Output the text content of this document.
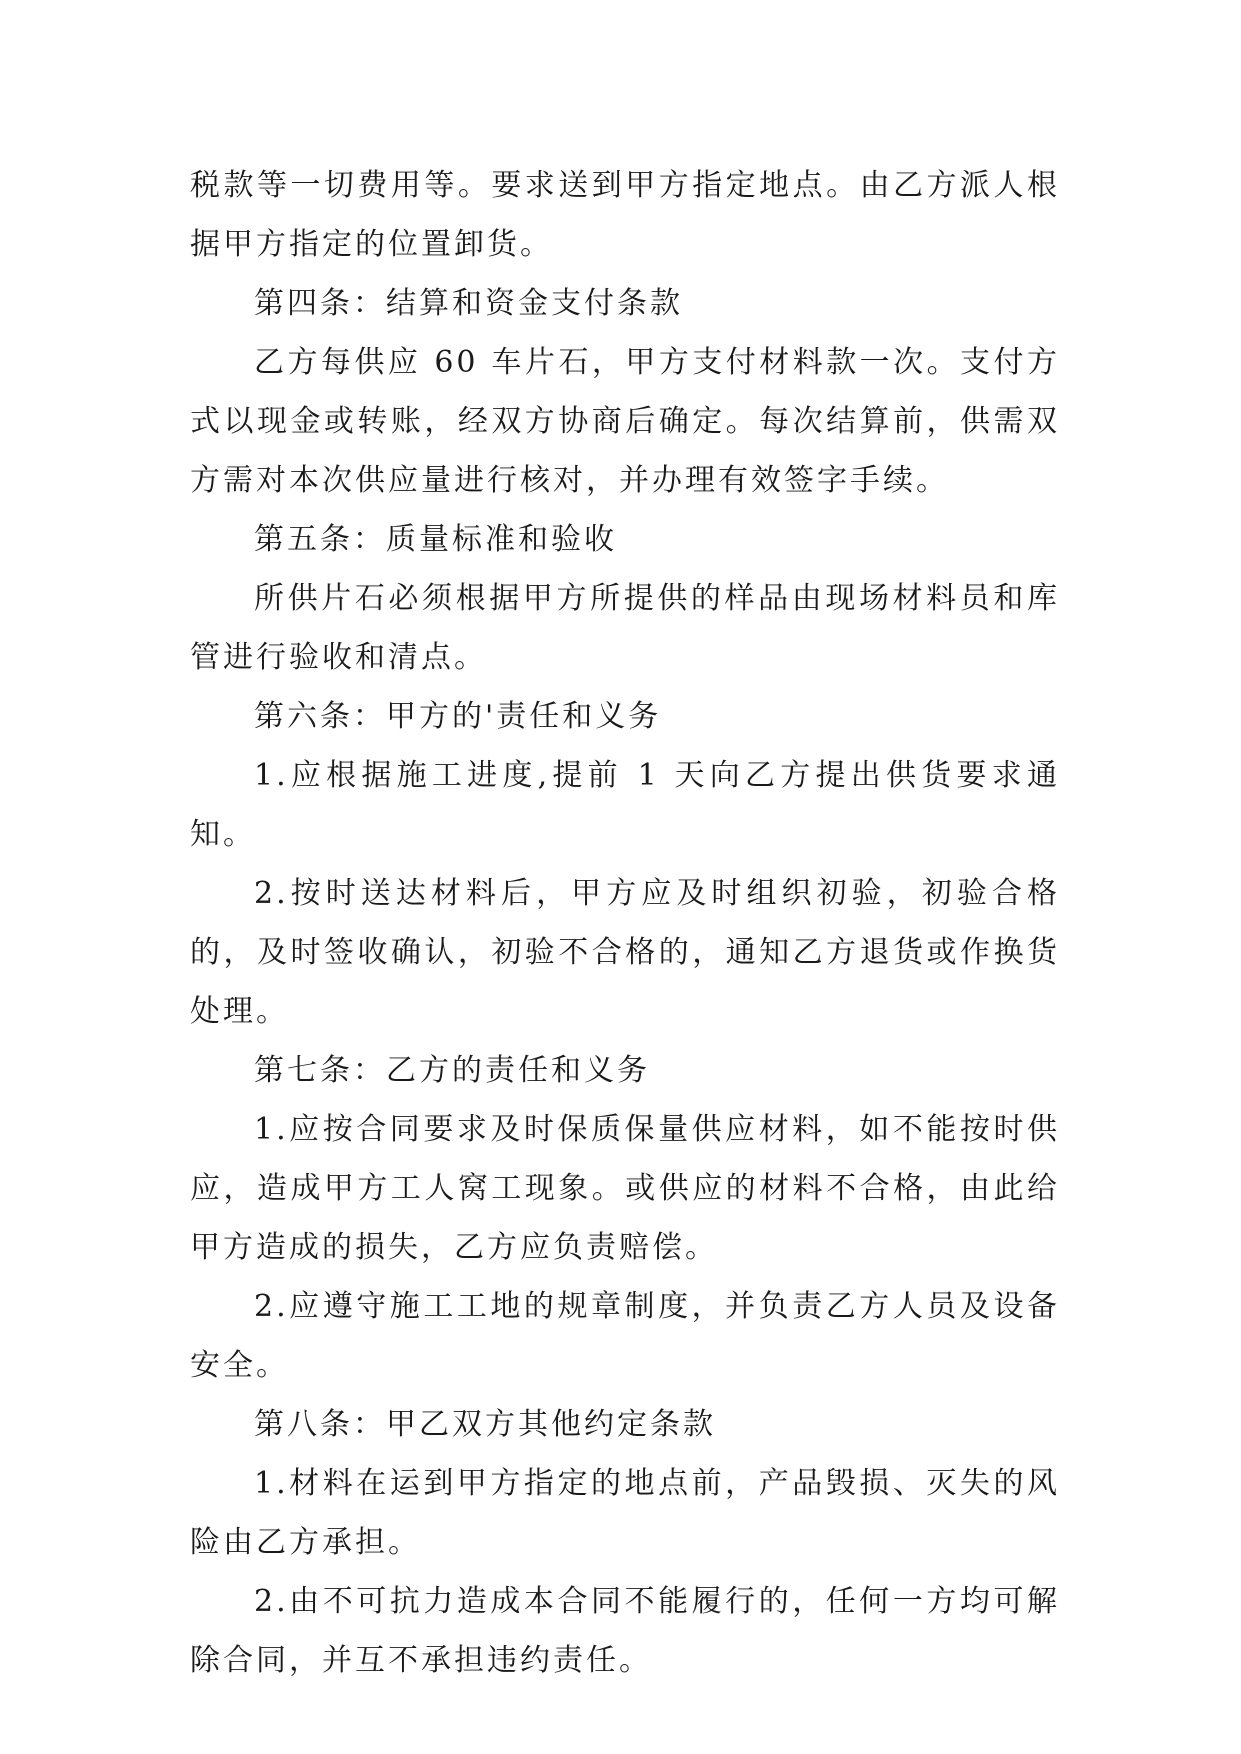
税款等一切费用等。要求送到甲方指定地点。由乙方派人根据甲方指定的位置卸货。

第四条：结算和资金支付条款

乙方每供应 60 车片石，甲方支付材料款一次。支付方式以现金或转账，经双方协商后确定。每次结算前，供需双方需对本次供应量进行核对，并办理有效签字手续。

第五条：质量标准和验收

所供片石必须根据甲方所提供的样品由现场材料员和库管进行验收和清点。

第六条：甲方的'责任和义务

1.应根据施工进度,提前 1 天向乙方提出供货要求通知。

2.按时送达材料后，甲方应及时组织初验，初验合格的，及时签收确认，初验不合格的，通知乙方退货或作换货处理。

第七条：乙方的责任和义务

1.应按合同要求及时保质保量供应材料，如不能按时供应，造成甲方工人窝工现象。或供应的材料不合格，由此给甲方造成的损失，乙方应负责赔偿。

2.应遵守施工工地的规章制度，并负责乙方人员及设备安全。

第八条：甲乙双方其他约定条款

1.材料在运到甲方指定的地点前，产品毁损、灭失的风险由乙方承担。

2.由不可抗力造成本合同不能履行的，任何一方均可解除合同，并互不承担违约责任。
